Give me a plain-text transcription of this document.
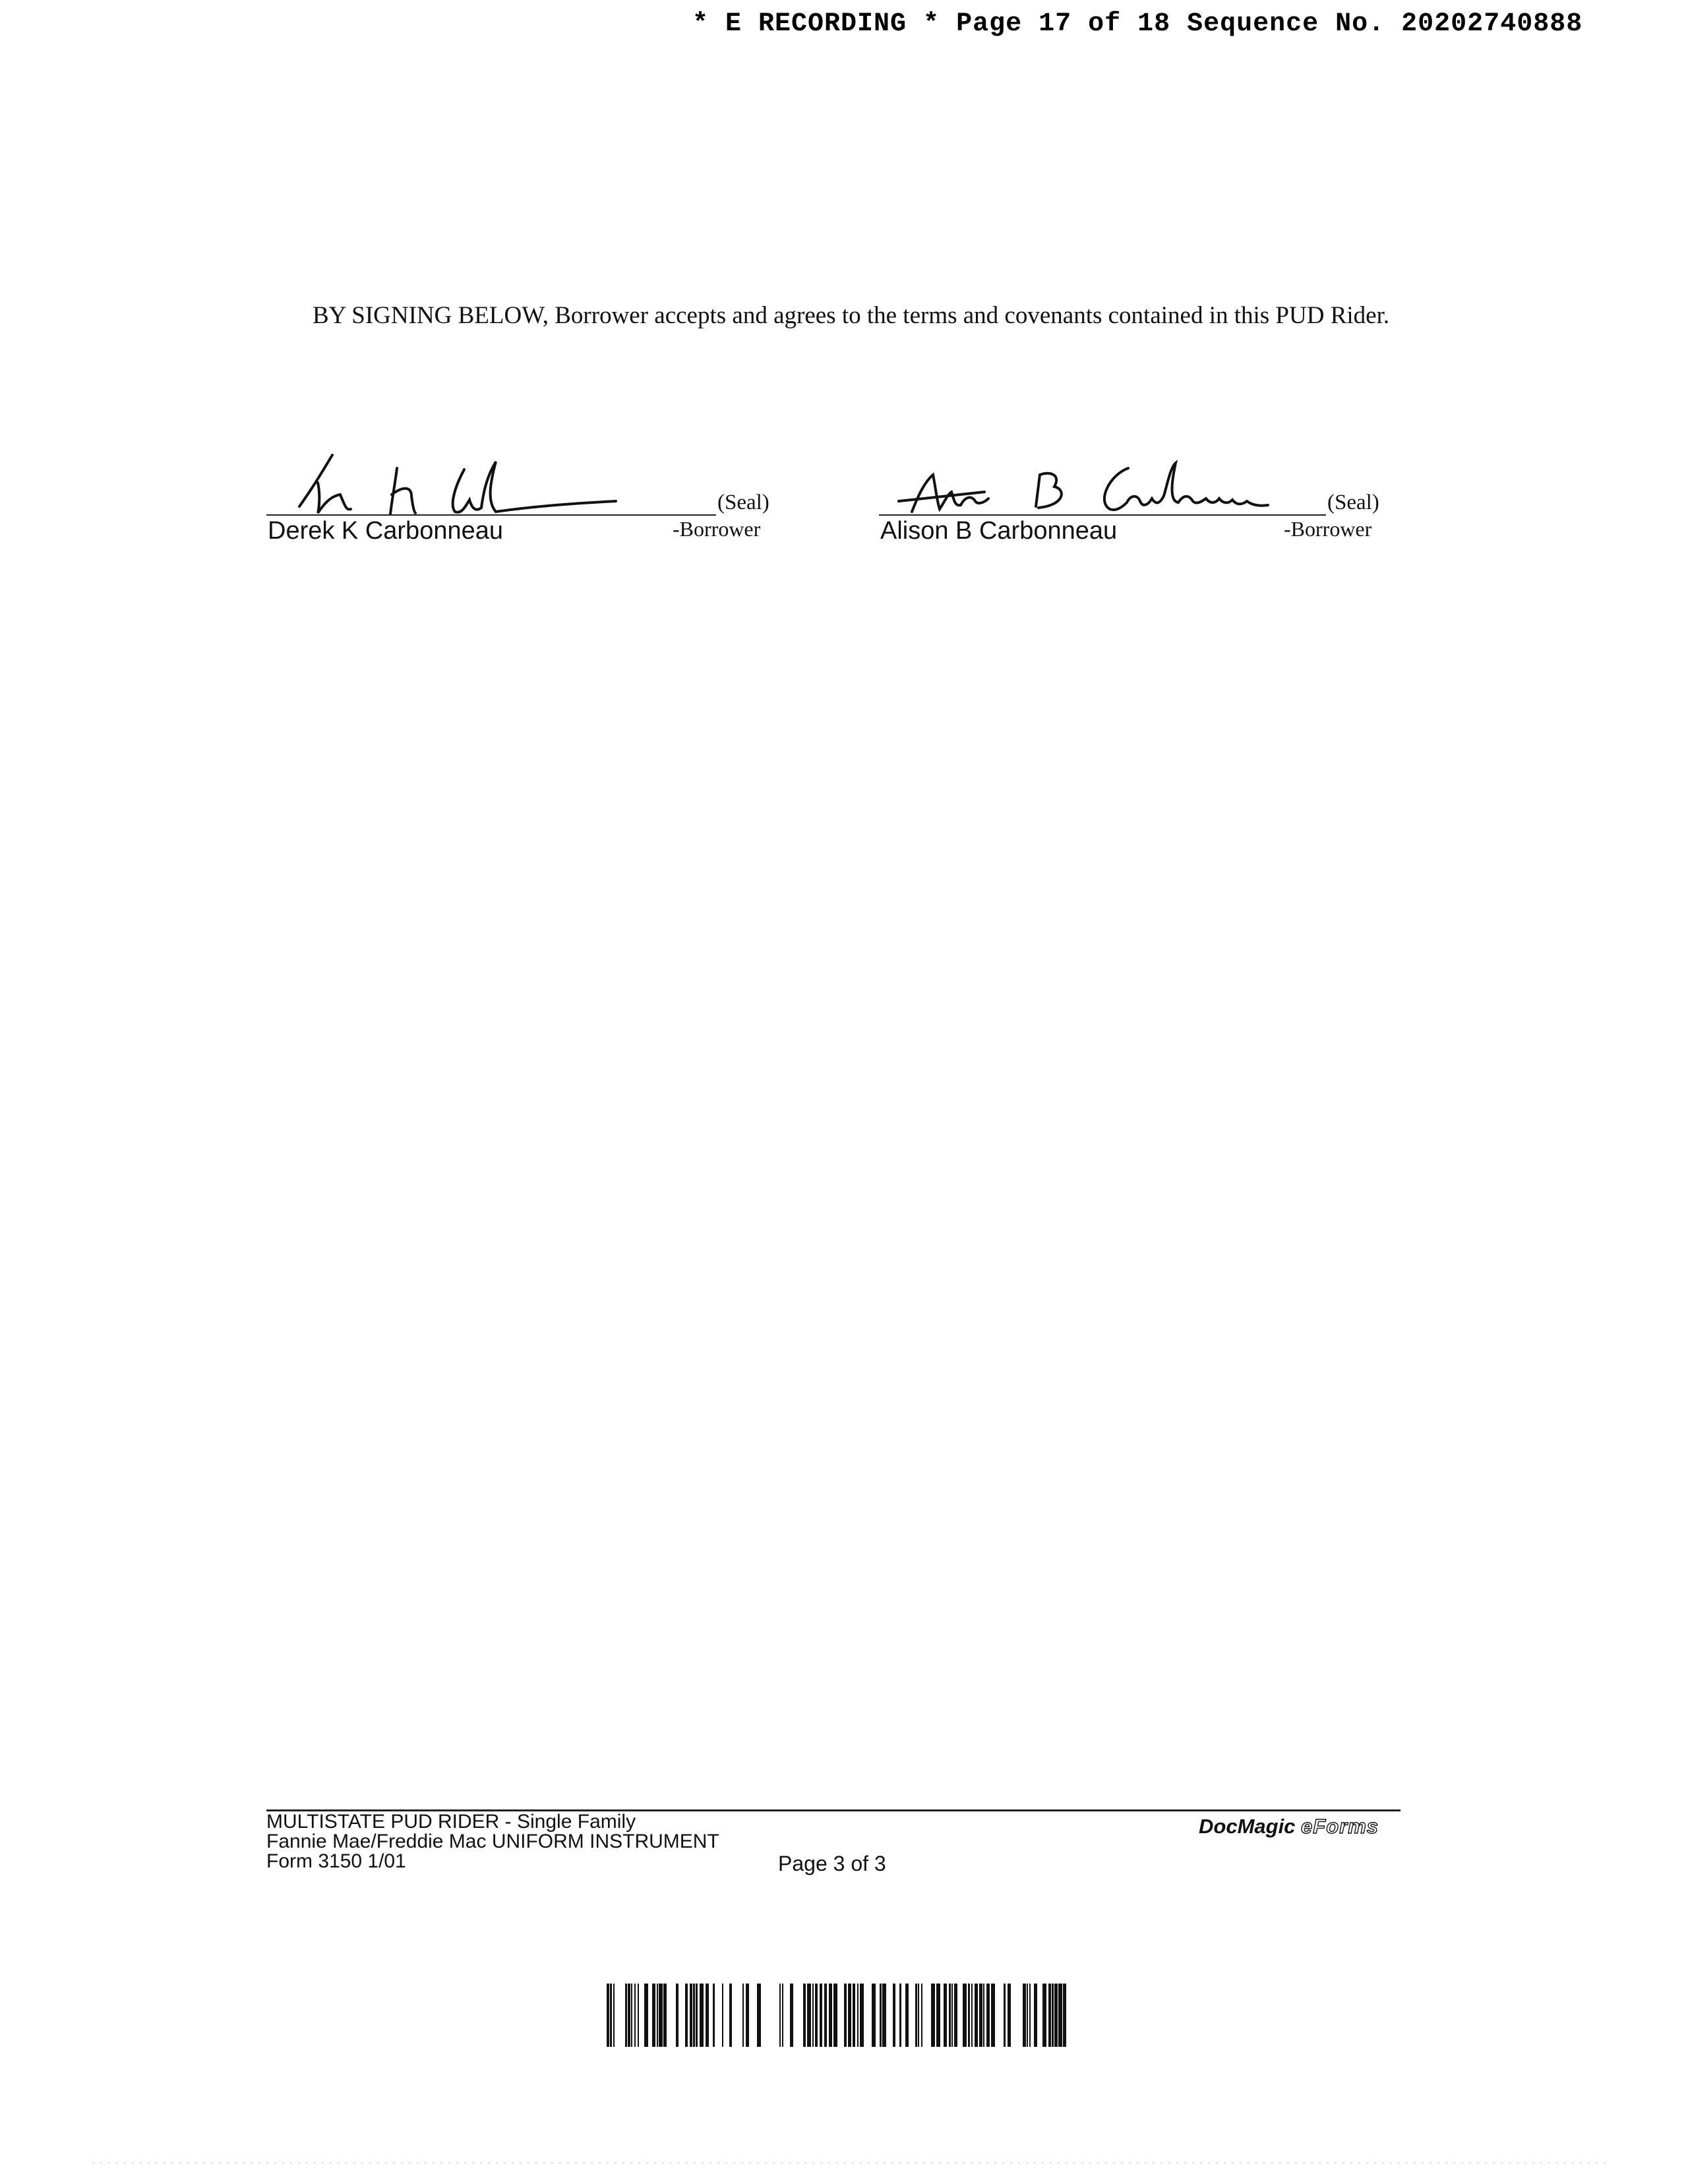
* E RECORDING * Page 17 of 18 Sequence No. 20202740888

BY SIGNING BELOW, Borrower accepts and agrees to the terms and covenants contained in this PUD Rider.

(Seal)
Derek K Carbonneau	-Borrower
(Seal)
Alison B Carbonneau	-Borrower
MULTISTATE PUD RIDER - Single Family
Fannie Mae/Freddie Mac UNIFORM INSTRUMENT
Form 3150 1/01	Page 3 of 3
DocMagic eForms
